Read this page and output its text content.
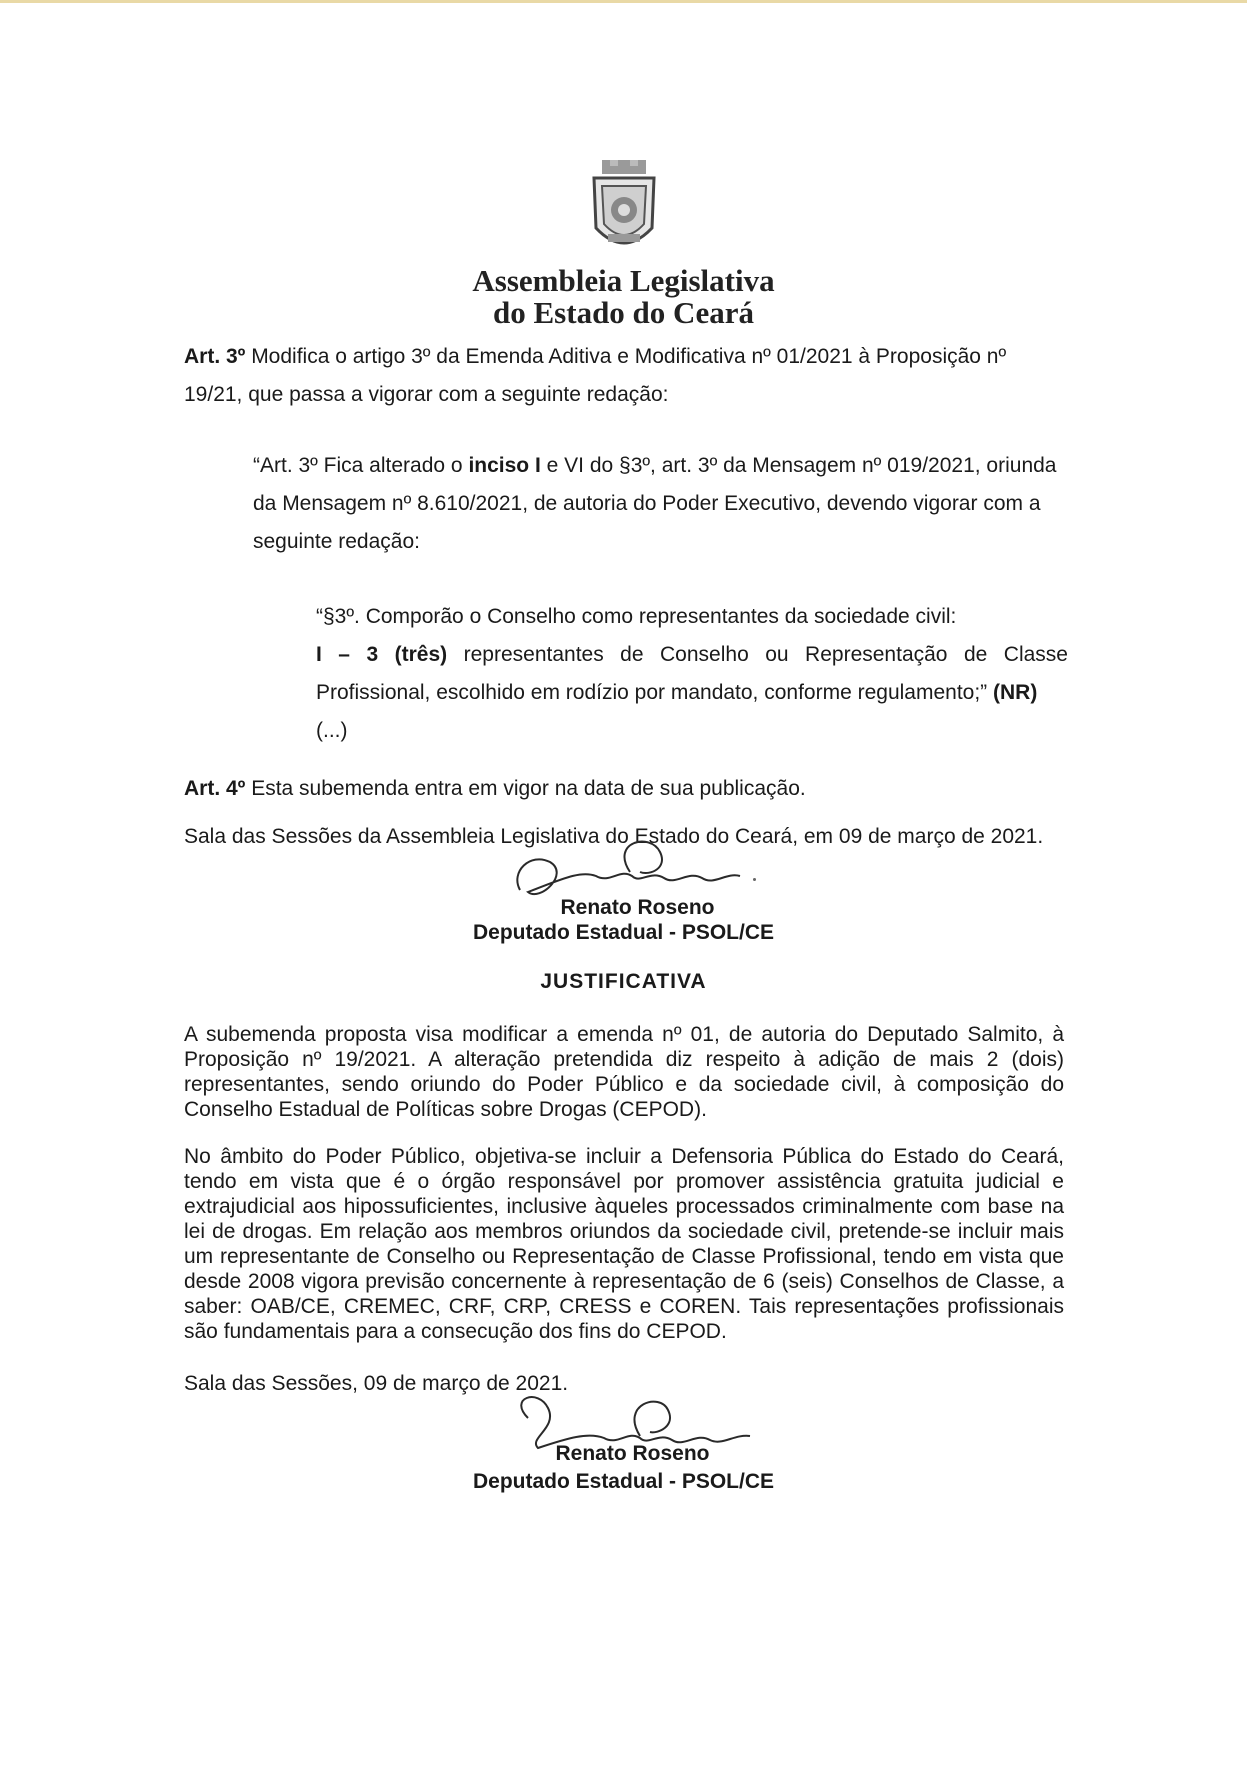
Assembleia Legislativa
do Estado do Ceará

Art. 3º Modifica o artigo 3º da Emenda Aditiva e Modificativa nº 01/2021 à Proposição nº 19/21, que passa a vigorar com a seguinte redação:

“Art. 3º Fica alterado o inciso I e VI do §3º, art. 3º da Mensagem nº 019/2021, oriunda da Mensagem nº 8.610/2021, de autoria do Poder Executivo, devendo vigorar com a seguinte redação:

“§3º. Comporão o Conselho como representantes da sociedade civil:
I – 3 (três) representantes de Conselho ou Representação de Classe Profissional, escolhido em rodízio por mandato, conforme regulamento;” (NR)
(...)

Art. 4º Esta subemenda entra em vigor na data de sua publicação.

Sala das Sessões da Assembleia Legislativa do Estado do Ceará, em 09 de março de 2021.

Renato Roseno
Deputado Estadual - PSOL/CE
JUSTIFICATIVA

A subemenda proposta visa modificar a emenda nº 01, de autoria do Deputado Salmito, à Proposição nº 19/2021. A alteração pretendida diz respeito à adição de mais 2 (dois) representantes, sendo oriundo do Poder Público e da sociedade civil, à composição do Conselho Estadual de Políticas sobre Drogas (CEPOD).

No âmbito do Poder Público, objetiva-se incluir a Defensoria Pública do Estado do Ceará, tendo em vista que é o órgão responsável por promover assistência gratuita judicial e extrajudicial aos hipossuficientes, inclusive àqueles processados criminalmente com base na lei de drogas. Em relação aos membros oriundos da sociedade civil, pretende-se incluir mais um representante de Conselho ou Representação de Classe Profissional, tendo em vista que desde 2008 vigora previsão concernente à representação de 6 (seis) Conselhos de Classe, a saber: OAB/CE, CREMEC, CRF, CRP, CRESS e COREN. Tais representações profissionais são fundamentais para a consecução dos fins do CEPOD.

Sala das Sessões, 09 de março de 2021.
Renato Roseno
Deputado Estadual - PSOL/CE
